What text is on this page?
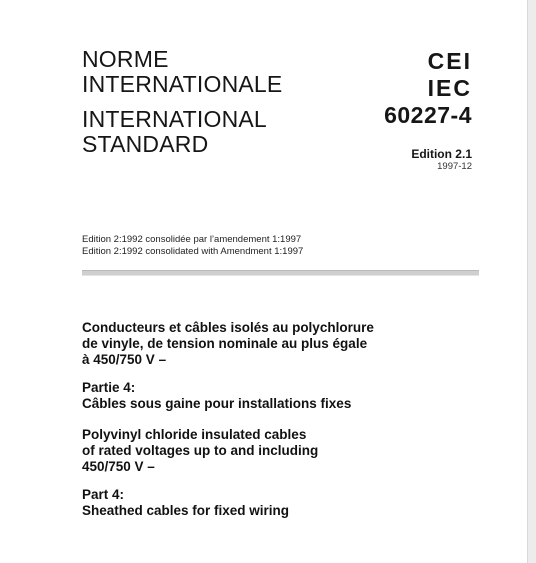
NORME
INTERNATIONALE
INTERNATIONAL
STANDARD
CEI
IEC
60227-4
Edition 2.1
1997-12
Edition 2:1992 consolidée par l’amendement 1:1997
Edition 2:1992 consolidated with Amendment 1:1997
Conducteurs et câbles isolés au polychlorure
de vinyle, de tension nominale au plus égale
à 450/750 V –
Partie 4:
Câbles sous gaine pour installations fixes
Polyvinyl chloride insulated cables
of rated voltages up to and including
450/750 V –
Part 4:
Sheathed cables for fixed wiring
